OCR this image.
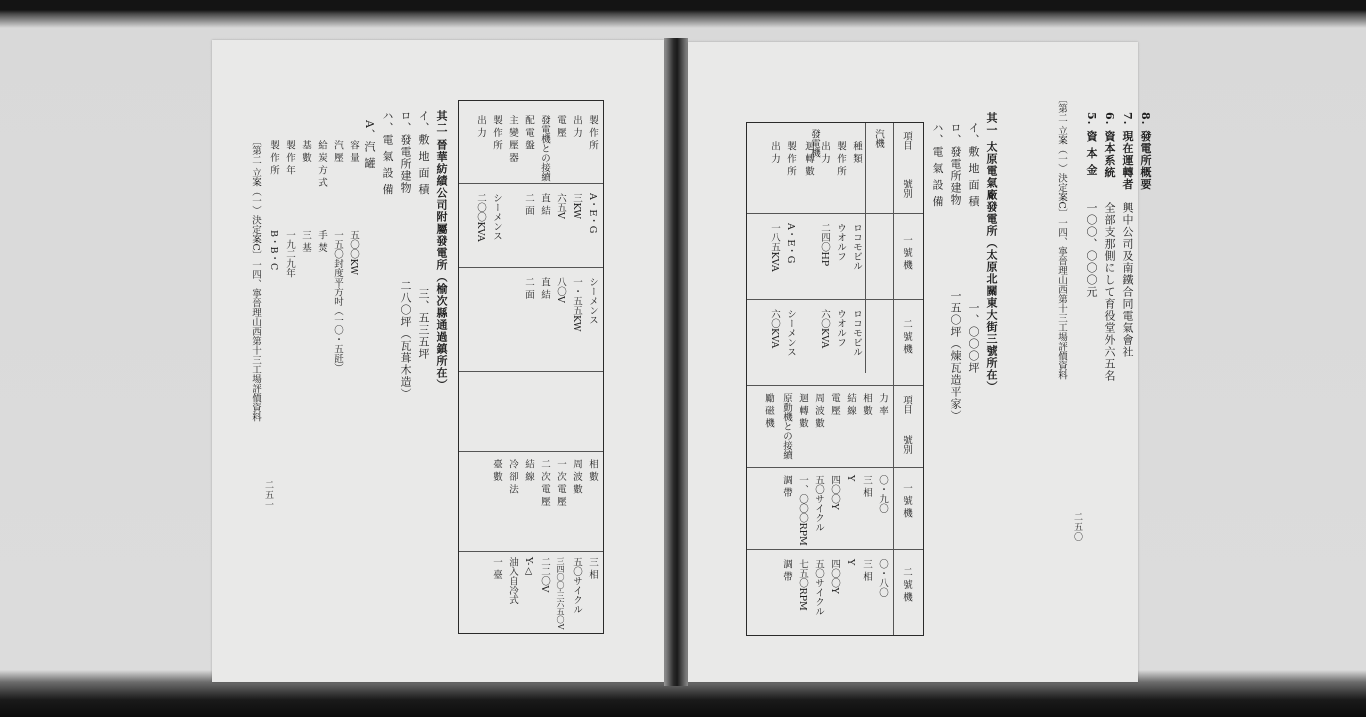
〔第二 立案（一）決定案C〕一四、寧晉理山西第十三工場評價資料
二五〇
5. 資 本 金
一〇〇、〇〇〇元
6. 資本系統
全部支那側にして育役堂外六五名
7. 現在運轉者
興中公司及南鐵合同電氣會社
8. 發電所概要
其一 太原電氣廠發電所（太原北關東大街三號所在）
イ、敷 地 面 積
一、〇〇〇坪
ロ、發電所建物
一五〇坪（煉瓦造平家）
ハ、電 氣 設 備
項目
號別
一 號 機
二 號 機
項目
號別
一 號 機
二 號 機
汽機
發電機	種 類
ロコモビル
ロコモビル
製 作 所
ウオルフ
ウオルフ
出 力
二四〇HP
六〇KVA
迴 轉 數
製 作 所
A・E・G
シーメンス
出 力
一八五KVA
六〇KVA
力 率
〇・九〇
〇・八〇
相 數
三 相
三 相
結 線
Y
Y
電 壓
四〇〇Y
四〇〇Y
周 波 數
五〇サイクル
五〇サイクル
迴 轉 數
一、〇〇〇RPM
七五〇RPM
原動機との接續
調 帶
調 帶
勵 磁 機
〔第二 立案（一）決定案C〕一四、寧晉理山西第十三工場評價資料
二五一
製 作 所
A・E・G
シーメンス
出 力
三KW
一・五五KW
電 壓
六五V
八〇V
發電機との接續
直 結
直 結
配 電 盤
二 面
二 面
主 變 壓 器
製 作 所
シーメンス
出 力
二〇〇KVA
相 數
三 相
周 波 數
五〇サイクル
一 次 電 壓
三四〇〇-三六五〇V
二 次 電 壓
二二〇V
結 線
Y-△
冷 卻 法
油入自冷式
臺 數
一 臺
其二 晉華紡績公司附屬發電所（榆次縣通過鎮所在）
イ、敷 地 面 積
三、五三五坪
ロ、發電所建物
二八〇坪（瓦葺木造）
ハ、電 氣 設 備
A、汽 罐
容 量
五〇〇KW
汽 壓
一五〇封度平方吋（一〇・五瓩）
給 炭 方 式
手 焚
基 數
三 基
製 作 年
一九二九年
製 作 所
B・B・C
